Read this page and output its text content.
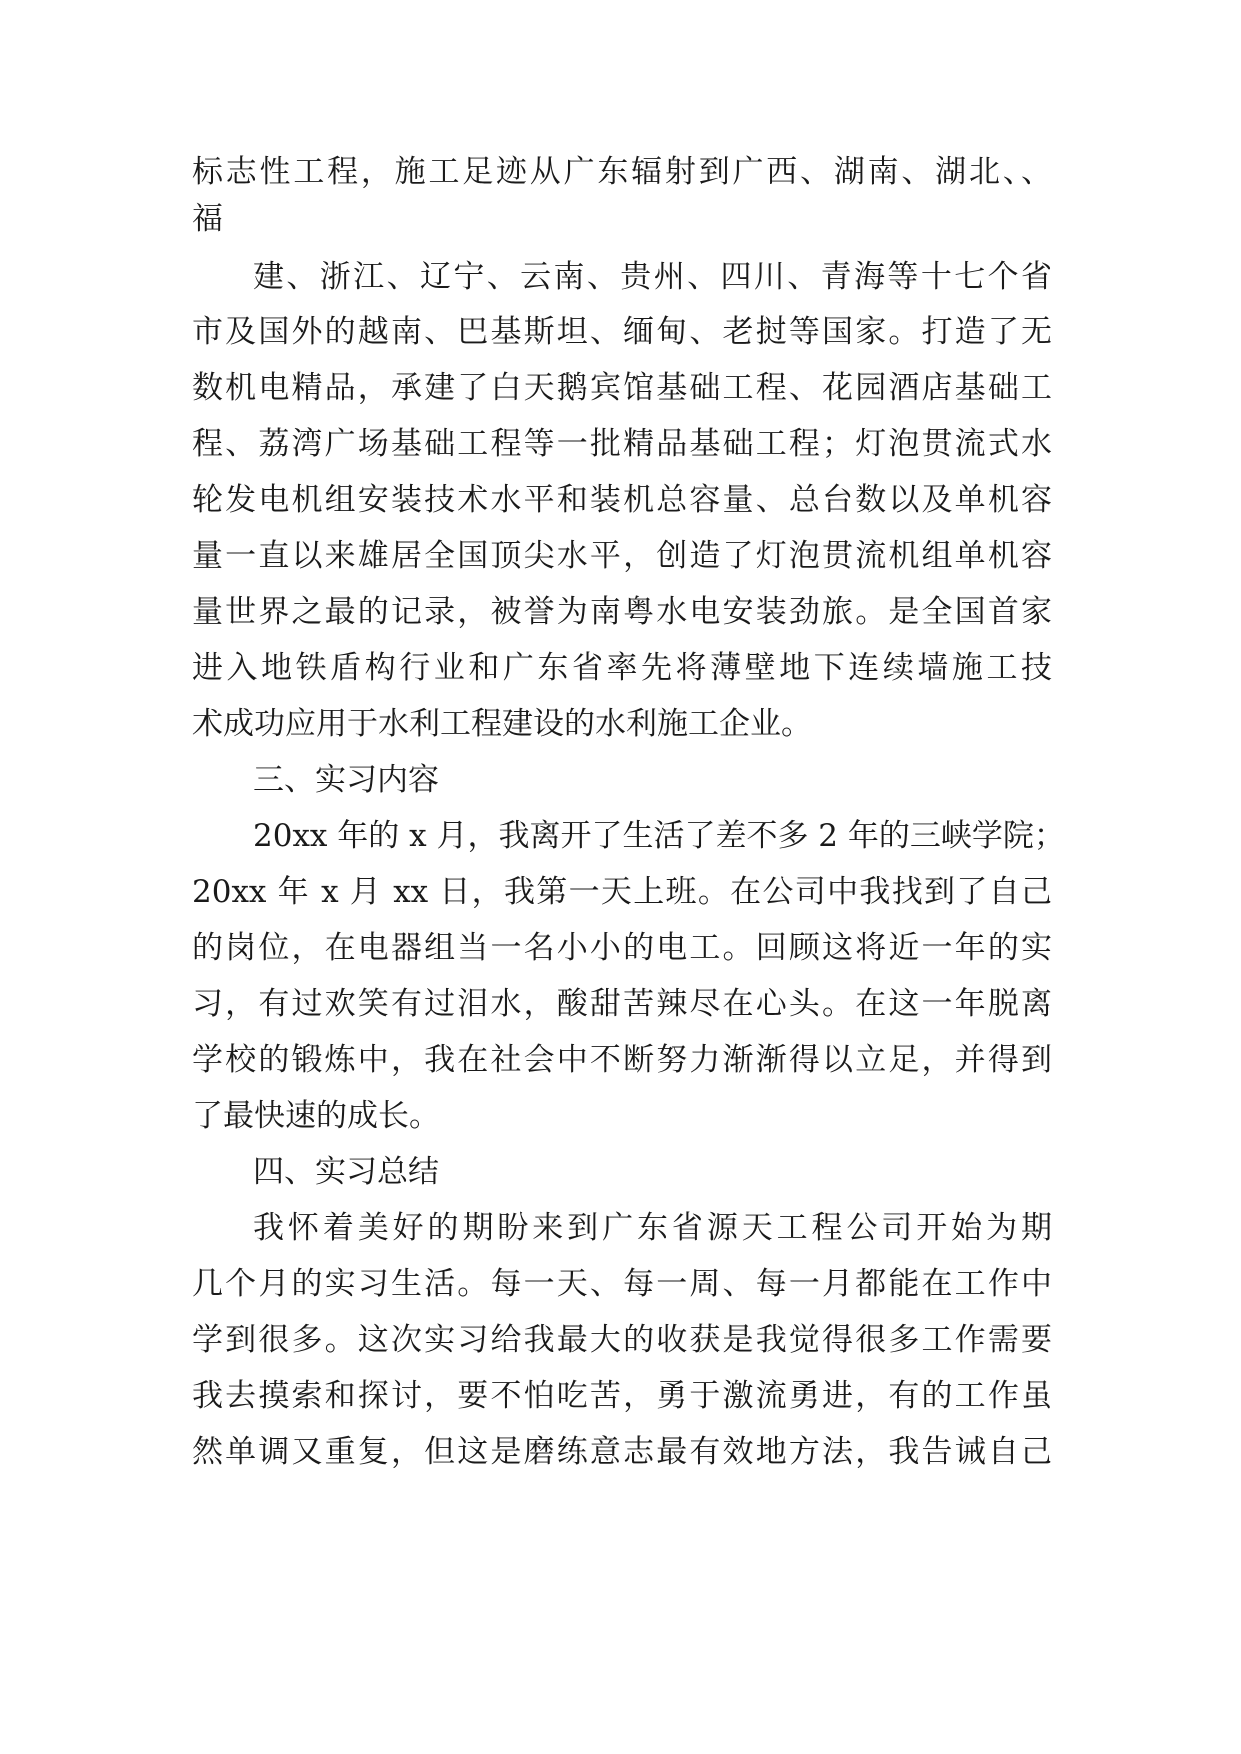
标志性工程，施工足迹从广东辐射到广西、湖南、湖北、、
福
建、浙江、辽宁、云南、贵州、四川、青海等十七个省
市及国外的越南、巴基斯坦、缅甸、老挝等国家。打造了无
数机电精品，承建了白天鹅宾馆基础工程、花园酒店基础工
程、荔湾广场基础工程等一批精品基础工程；灯泡贯流式水
轮发电机组安装技术水平和装机总容量、总台数以及单机容
量一直以来雄居全国顶尖水平，创造了灯泡贯流机组单机容
量世界之最的记录，被誉为南粤水电安装劲旅。是全国首家
进入地铁盾构行业和广东省率先将薄壁地下连续墙施工技
术成功应用于水利工程建设的水利施工企业。
三、实习内容
20xx 年的 x 月，我离开了生活了差不多 2 年的三峡学院；
20xx 年 x 月 xx 日，我第一天上班。在公司中我找到了自己
的岗位，在电器组当一名小小的电工。回顾这将近一年的实
习，有过欢笑有过泪水，酸甜苦辣尽在心头。在这一年脱离
学校的锻炼中，我在社会中不断努力渐渐得以立足，并得到
了最快速的成长。
四、实习总结
我怀着美好的期盼来到广东省源天工程公司开始为期
几个月的实习生活。每一天、每一周、每一月都能在工作中
学到很多。这次实习给我最大的收获是我觉得很多工作需要
我去摸索和探讨，要不怕吃苦，勇于激流勇进，有的工作虽
然单调又重复，但这是磨练意志最有效地方法，我告诫自己
